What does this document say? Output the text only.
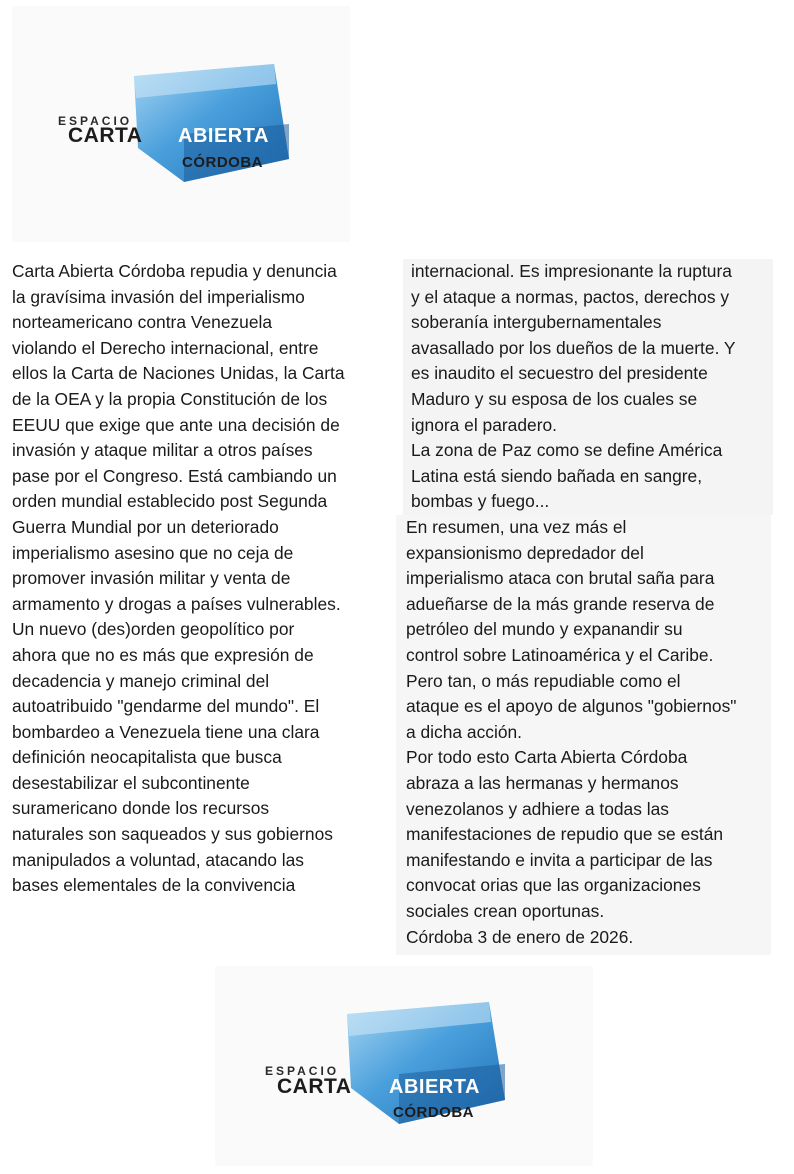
ESPACIO
CARTA ABIERTA
CÓRDOBA
Carta Abierta Córdoba repudia y denuncia
la gravísima invasión del imperialismo
norteamericano contra Venezuela
violando el Derecho internacional, entre
ellos la Carta de Naciones Unidas, la Carta
de la OEA y la propia Constitución de los
EEUU que exige que ante una decisión de
invasión y ataque militar a otros países
pase por el Congreso. Está cambiando un
orden mundial establecido post Segunda
Guerra Mundial por un deteriorado
imperialismo asesino que no ceja de
promover invasión militar y venta de
armamento y drogas a países vulnerables.
Un nuevo (des)orden geopolítico por
ahora que no es más que expresión de
decadencia y manejo criminal del
autoatribuido "gendarme del mundo". El
bombardeo a Venezuela tiene una clara
definición neocapitalista que busca
desestabilizar el subcontinente
suramericano donde los recursos
naturales son saqueados y sus gobiernos
manipulados a voluntad, atacando las
bases elementales de la convivencia
internacional. Es impresionante la ruptura
y el ataque a normas, pactos, derechos y
soberanía intergubernamentales
avasallado por los dueños de la muerte. Y
es inaudito el secuestro del presidente
Maduro y su esposa de los cuales se
ignora el paradero.
La zona de Paz como se define América
Latina está siendo bañada en sangre,
bombas y fuego...
En resumen, una vez más el
expansionismo depredador del
imperialismo ataca con brutal saña para
adueñarse de la más grande reserva de
petróleo del mundo y expanandir su
control sobre Latinoamérica y el Caribe.
Pero tan, o más repudiable como el
ataque es el apoyo de algunos "gobiernos"
a dicha acción.
Por todo esto Carta Abierta Córdoba
abraza a las hermanas y hermanos
venezolanos y adhiere a todas las
manifestaciones de repudio que se están
manifestando e invita a participar de las
convocat orias que las organizaciones
sociales crean oportunas.
Córdoba 3 de enero de 2026.
ESPACIO
CARTA ABIERTA
CÓRDOBA
